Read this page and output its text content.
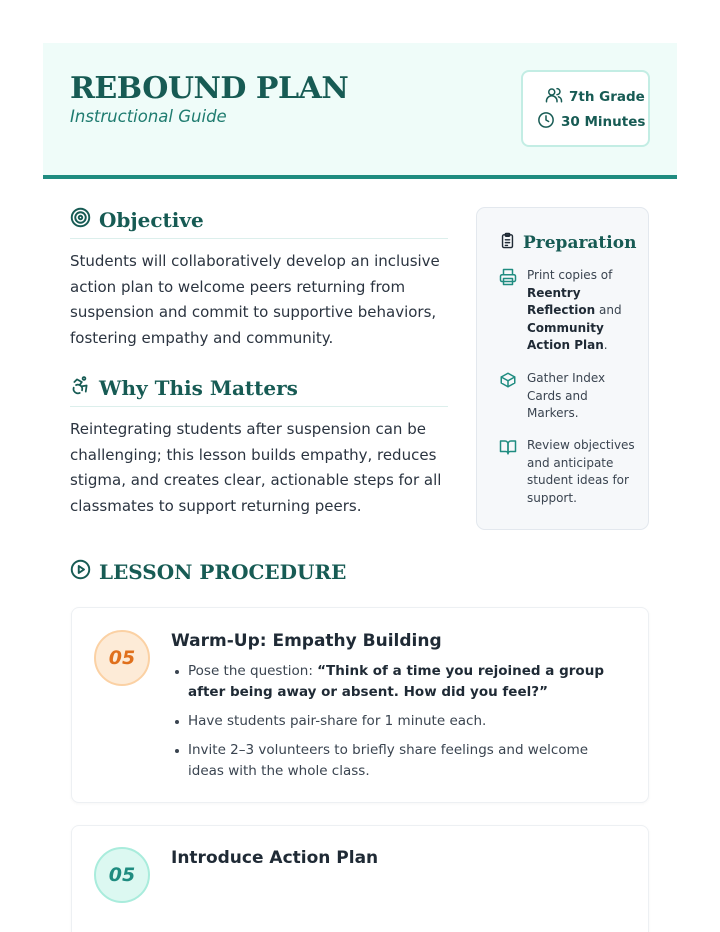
REBOUND PLAN
Instructional Guide
7th Grade
30 Minutes
Objective
Students will collaboratively develop an inclusive action plan to welcome peers returning from suspension and commit to supportive behaviors, fostering empathy and community.
Why This Matters
Reintegrating students after suspension can be challenging; this lesson builds empathy, reduces stigma, and creates clear, actionable steps for all classmates to support returning peers.
Preparation
Print copies of Reentry Reflection and Community Action Plan.
Gather Index Cards and Markers.
Review objectives and anticipate student ideas for support.
LESSON PROCEDURE
05
Warm-Up: Empathy Building
Pose the question: “Think of a time you rejoined a group after being away or absent. How did you feel?”
Have students pair-share for 1 minute each.
Invite 2–3 volunteers to briefly share feelings and welcome ideas with the whole class.
05
Introduce Action Plan
